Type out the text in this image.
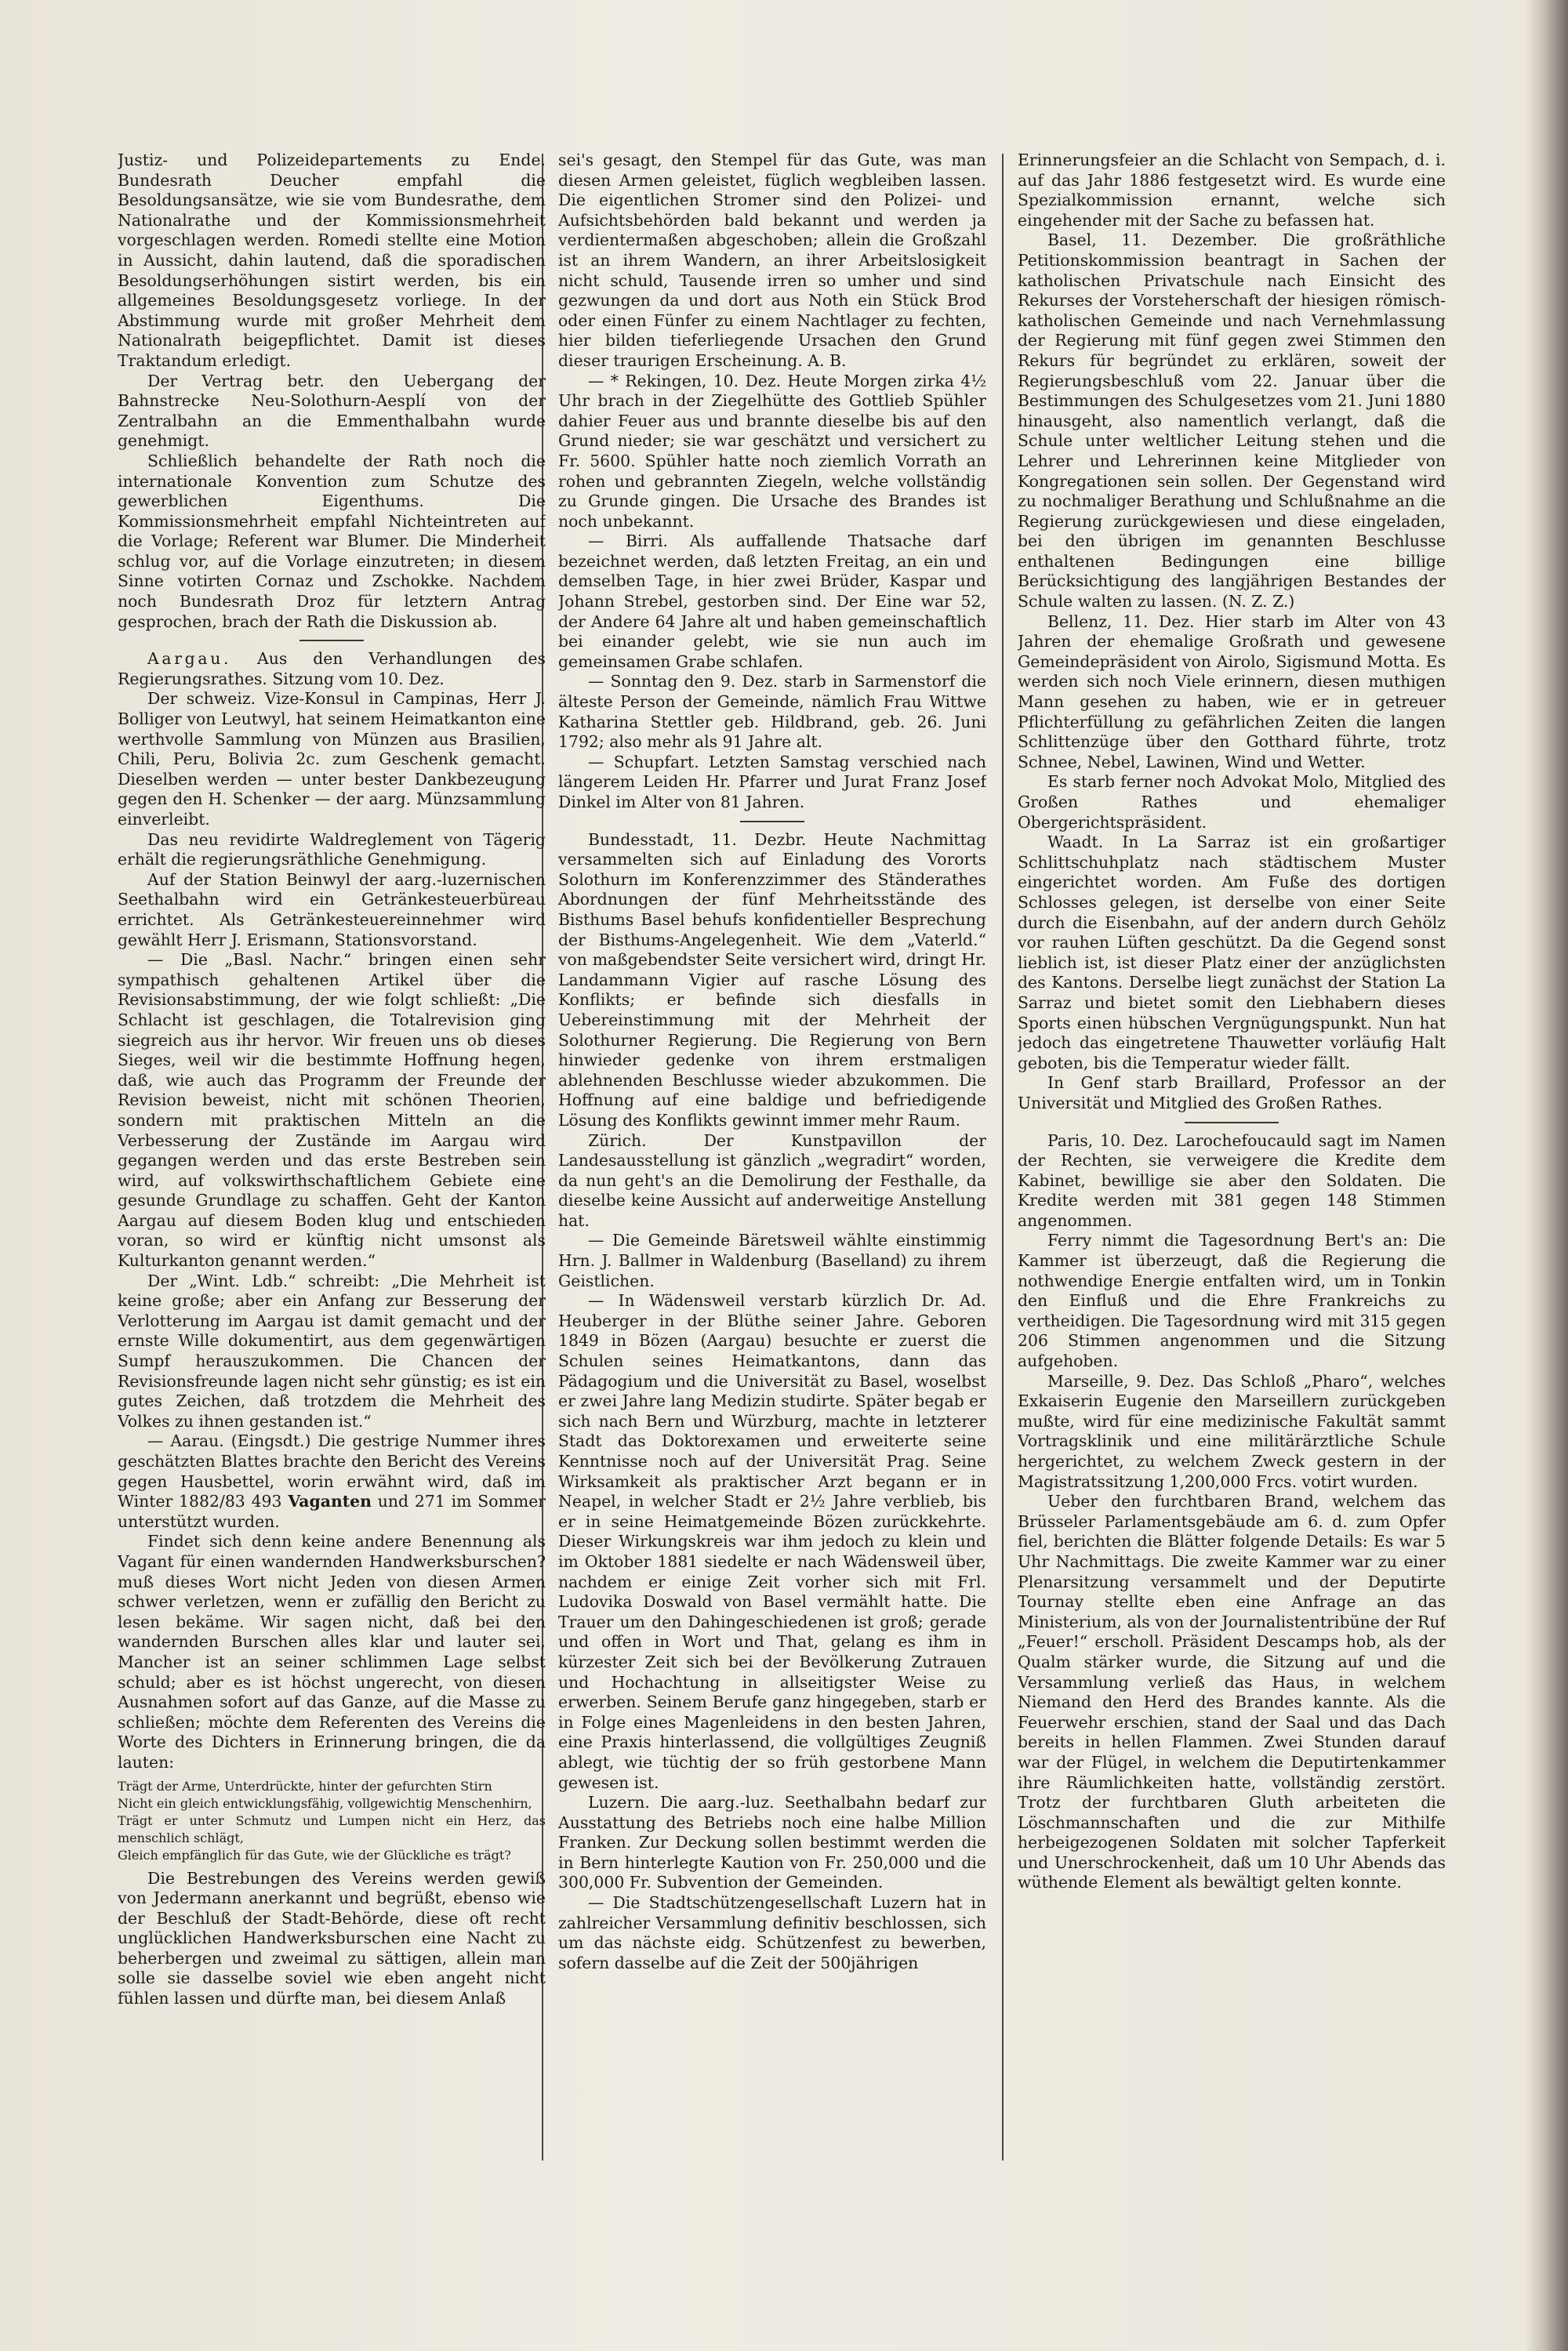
Justiz- und Polizeidepartements zu Ende. Bundesrath Deucher empfahl die Besoldungsansätze, wie sie vom Bundesrathe, dem Nationalrathe und der Kommissionsmehrheit vorgeschlagen werden. Romedi stellte eine Motion in Aussicht, dahin lautend, daß die sporadischen Besoldungserhöhungen sistirt werden, bis ein allgemeines Besoldungsgesetz vorliege. In der Abstimmung wurde mit großer Mehrheit dem Nationalrath beigepflichtet. Damit ist dieses Traktandum erledigt.

Der Vertrag betr. den Uebergang der Bahnstrecke Neu-Solothurn-Aesplí von der Zentralbahn an die Emmenthalbahn wurde genehmigt.

Schließlich behandelte der Rath noch die internationale Konvention zum Schutze des gewerblichen Eigenthums. Die Kommissionsmehrheit empfahl Nichteintreten auf die Vorlage; Referent war Blumer. Die Minderheit schlug vor, auf die Vorlage einzutreten; in diesem Sinne votirten Cornaz und Zschokke. Nachdem noch Bundesrath Droz für letztern Antrag gesprochen, brach der Rath die Diskussion ab.

Aargau. Aus den Verhandlungen des Regierungsrathes. Sitzung vom 10. Dez.

Der schweiz. Vize-Konsul in Campinas, Herr J. Bolliger von Leutwyl, hat seinem Heimatkanton eine werthvolle Sammlung von Münzen aus Brasilien, Chili, Peru, Bolivia 2c. zum Geschenk gemacht. Dieselben werden — unter bester Dankbezeugung gegen den H. Schenker — der aarg. Münzsammlung einverleibt.

Das neu revidirte Waldreglement von Tägerig erhält die regierungsräthliche Genehmigung.

Auf der Station Beinwyl der aarg.-luzernischen Seethalbahn wird ein Getränkesteuerbüreau errichtet. Als Getränkesteuereinnehmer wird gewählt Herr J. Erismann, Stationsvorstand.

— Die „Basl. Nachr.“ bringen einen sehr sympathisch gehaltenen Artikel über die Revisionsabstimmung, der wie folgt schließt: „Die Schlacht ist geschlagen, die Totalrevision ging siegreich aus ihr hervor. Wir freuen uns ob dieses Sieges, weil wir die bestimmte Hoffnung hegen, daß, wie auch das Programm der Freunde der Revision beweist, nicht mit schönen Theorien, sondern mit praktischen Mitteln an die Verbesserung der Zustände im Aargau wird gegangen werden und das erste Bestreben sein wird, auf volkswirthschaftlichem Gebiete eine gesunde Grundlage zu schaffen. Geht der Kanton Aargau auf diesem Boden klug und entschieden voran, so wird er künftig nicht umsonst als Kulturkanton genannt werden.“

Der „Wint. Ldb.“ schreibt: „Die Mehrheit ist keine große; aber ein Anfang zur Besserung der Verlotterung im Aargau ist damit gemacht und der ernste Wille dokumentirt, aus dem gegenwärtigen Sumpf herauszukommen. Die Chancen der Revisionsfreunde lagen nicht sehr günstig; es ist ein gutes Zeichen, daß trotzdem die Mehrheit des Volkes zu ihnen gestanden ist.“

— Aarau. (Eingsdt.) Die gestrige Nummer ihres geschätzten Blattes brachte den Bericht des Vereins gegen Hausbettel, worin erwähnt wird, daß im Winter 1882/83 493 Vaganten und 271 im Sommer unterstützt wurden.

Findet sich denn keine andere Benennung als Vagant für einen wandernden Handwerksburschen? muß dieses Wort nicht Jeden von diesen Armen schwer verletzen, wenn er zufällig den Bericht zu lesen bekäme. Wir sagen nicht, daß bei den wandernden Burschen alles klar und lauter sei, Mancher ist an seiner schlimmen Lage selbst schuld; aber es ist höchst ungerecht, von diesen Ausnahmen sofort auf das Ganze, auf die Masse zu schließen; möchte dem Referenten des Vereins die Worte des Dichters in Erinnerung bringen, die da lauten:

Trägt der Arme, Unterdrückte, hinter der gefurchten Stirn
Nicht ein gleich entwicklungsfähig, vollgewichtig Menschenhirn,
Trägt er unter Schmutz und Lumpen nicht ein Herz, das menschlich schlägt,
Gleich empfänglich für das Gute, wie der Glückliche es trägt?

Die Bestrebungen des Vereins werden gewiß von Jedermann anerkannt und begrüßt, ebenso wie der Beschluß der Stadt-Behörde, diese oft recht unglücklichen Handwerksburschen eine Nacht zu beherbergen und zweimal zu sättigen, allein man solle sie dasselbe soviel wie eben angeht nicht fühlen lassen und dürfte man, bei diesem Anlaß

sei's gesagt, den Stempel für das Gute, was man diesen Armen geleistet, füglich wegbleiben lassen. Die eigentlichen Stromer sind den Polizei- und Aufsichtsbehörden bald bekannt und werden ja verdientermaßen abgeschoben; allein die Großzahl ist an ihrem Wandern, an ihrer Arbeitslosigkeit nicht schuld, Tausende irren so umher und sind gezwungen da und dort aus Noth ein Stück Brod oder einen Fünfer zu einem Nachtlager zu fechten, hier bilden tieferliegende Ursachen den Grund dieser traurigen Erscheinung. A. B.

— * Rekingen, 10. Dez. Heute Morgen zirka 4½ Uhr brach in der Ziegelhütte des Gottlieb Spühler dahier Feuer aus und brannte dieselbe bis auf den Grund nieder; sie war geschätzt und versichert zu Fr. 5600. Spühler hatte noch ziemlich Vorrath an rohen und gebrannten Ziegeln, welche vollständig zu Grunde gingen. Die Ursache des Brandes ist noch unbekannt.

— Birri. Als auffallende Thatsache darf bezeichnet werden, daß letzten Freitag, an ein und demselben Tage, in hier zwei Brüder, Kaspar und Johann Strebel, gestorben sind. Der Eine war 52, der Andere 64 Jahre alt und haben gemeinschaftlich bei einander gelebt, wie sie nun auch im gemeinsamen Grabe schlafen.

— Sonntag den 9. Dez. starb in Sarmenstorf die älteste Person der Gemeinde, nämlich Frau Wittwe Katharina Stettler geb. Hildbrand, geb. 26. Juni 1792; also mehr als 91 Jahre alt.

— Schupfart. Letzten Samstag verschied nach längerem Leiden Hr. Pfarrer und Jurat Franz Josef Dinkel im Alter von 81 Jahren.

Bundesstadt, 11. Dezbr. Heute Nachmittag versammelten sich auf Einladung des Vororts Solothurn im Konferenzzimmer des Ständerathes Abordnungen der fünf Mehrheitsstände des Bisthums Basel behufs konfidentieller Besprechung der Bisthums-Angelegenheit. Wie dem „Vaterld.“ von maßgebendster Seite versichert wird, dringt Hr. Landammann Vigier auf rasche Lösung des Konflikts; er befinde sich diesfalls in Uebereinstimmung mit der Mehrheit der Solothurner Regierung. Die Regierung von Bern hinwieder gedenke von ihrem erstmaligen ablehnenden Beschlusse wieder abzukommen. Die Hoffnung auf eine baldige und befriedigende Lösung des Konflikts gewinnt immer mehr Raum.

Zürich. Der Kunstpavillon der Landesausstellung ist gänzlich „wegradirt“ worden, da nun geht's an die Demolirung der Festhalle, da dieselbe keine Aussicht auf anderweitige Anstellung hat.

— Die Gemeinde Bäretsweil wählte einstimmig Hrn. J. Ballmer in Waldenburg (Baselland) zu ihrem Geistlichen.

— In Wädensweil verstarb kürzlich Dr. Ad. Heuberger in der Blüthe seiner Jahre. Geboren 1849 in Bözen (Aargau) besuchte er zuerst die Schulen seines Heimatkantons, dann das Pädagogium und die Universität zu Basel, woselbst er zwei Jahre lang Medizin studirte. Später begab er sich nach Bern und Würzburg, machte in letzterer Stadt das Doktorexamen und erweiterte seine Kenntnisse noch auf der Universität Prag. Seine Wirksamkeit als praktischer Arzt begann er in Neapel, in welcher Stadt er 2½ Jahre verblieb, bis er in seine Heimatgemeinde Bözen zurückkehrte. Dieser Wirkungskreis war ihm jedoch zu klein und im Oktober 1881 siedelte er nach Wädensweil über, nachdem er einige Zeit vorher sich mit Frl. Ludovika Doswald von Basel vermählt hatte. Die Trauer um den Dahingeschiedenen ist groß; gerade und offen in Wort und That, gelang es ihm in kürzester Zeit sich bei der Bevölkerung Zutrauen und Hochachtung in allseitigster Weise zu erwerben. Seinem Berufe ganz hingegeben, starb er in Folge eines Magenleidens in den besten Jahren, eine Praxis hinterlassend, die vollgültiges Zeugniß ablegt, wie tüchtig der so früh gestorbene Mann gewesen ist.

Luzern. Die aarg.-luz. Seethalbahn bedarf zur Ausstattung des Betriebs noch eine halbe Million Franken. Zur Deckung sollen bestimmt werden die in Bern hinterlegte Kaution von Fr. 250,000 und die 300,000 Fr. Subvention der Gemeinden.

— Die Stadtschützengesellschaft Luzern hat in zahlreicher Versammlung definitiv beschlossen, sich um das nächste eidg. Schützenfest zu bewerben, sofern dasselbe auf die Zeit der 500jährigen

Erinnerungsfeier an die Schlacht von Sempach, d. i. auf das Jahr 1886 festgesetzt wird. Es wurde eine Spezialkommission ernannt, welche sich eingehender mit der Sache zu befassen hat.

Basel, 11. Dezember. Die großräthliche Petitionskommission beantragt in Sachen der katholischen Privatschule nach Einsicht des Rekurses der Vorsteherschaft der hiesigen römisch-katholischen Gemeinde und nach Vernehmlassung der Regierung mit fünf gegen zwei Stimmen den Rekurs für begründet zu erklären, soweit der Regierungsbeschluß vom 22. Januar über die Bestimmungen des Schulgesetzes vom 21. Juni 1880 hinausgeht, also namentlich verlangt, daß die Schule unter weltlicher Leitung stehen und die Lehrer und Lehrerinnen keine Mitglieder von Kongregationen sein sollen. Der Gegenstand wird zu nochmaliger Berathung und Schlußnahme an die Regierung zurückgewiesen und diese eingeladen, bei den übrigen im genannten Beschlusse enthaltenen Bedingungen eine billige Berücksichtigung des langjährigen Bestandes der Schule walten zu lassen. (N. Z. Z.)

Bellenz, 11. Dez. Hier starb im Alter von 43 Jahren der ehemalige Großrath und gewesene Gemeindepräsident von Airolo, Sigismund Motta. Es werden sich noch Viele erinnern, diesen muthigen Mann gesehen zu haben, wie er in getreuer Pflichterfüllung zu gefährlichen Zeiten die langen Schlittenzüge über den Gotthard führte, trotz Schnee, Nebel, Lawinen, Wind und Wetter.

Es starb ferner noch Advokat Molo, Mitglied des Großen Rathes und ehemaliger Obergerichtspräsident.

Waadt. In La Sarraz ist ein großartiger Schlittschuhplatz nach städtischem Muster eingerichtet worden. Am Fuße des dortigen Schlosses gelegen, ist derselbe von einer Seite durch die Eisenbahn, auf der andern durch Gehölz vor rauhen Lüften geschützt. Da die Gegend sonst lieblich ist, ist dieser Platz einer der anzüglichsten des Kantons. Derselbe liegt zunächst der Station La Sarraz und bietet somit den Liebhabern dieses Sports einen hübschen Vergnügungspunkt. Nun hat jedoch das eingetretene Thauwetter vorläufig Halt geboten, bis die Temperatur wieder fällt.

In Genf starb Braillard, Professor an der Universität und Mitglied des Großen Rathes.

Paris, 10. Dez. Larochefoucauld sagt im Namen der Rechten, sie verweigere die Kredite dem Kabinet, bewillige sie aber den Soldaten. Die Kredite werden mit 381 gegen 148 Stimmen angenommen.

Ferry nimmt die Tagesordnung Bert's an: Die Kammer ist überzeugt, daß die Regierung die nothwendige Energie entfalten wird, um in Tonkin den Einfluß und die Ehre Frankreichs zu vertheidigen. Die Tagesordnung wird mit 315 gegen 206 Stimmen angenommen und die Sitzung aufgehoben.

Marseille, 9. Dez. Das Schloß „Pharo“, welches Exkaiserin Eugenie den Marseillern zurückgeben mußte, wird für eine medizinische Fakultät sammt Vortragsklinik und eine militärärztliche Schule hergerichtet, zu welchem Zweck gestern in der Magistratssitzung 1,200,000 Frcs. votirt wurden.

Ueber den furchtbaren Brand, welchem das Brüsseler Parlamentsgebäude am 6. d. zum Opfer fiel, berichten die Blätter folgende Details: Es war 5 Uhr Nachmittags. Die zweite Kammer war zu einer Plenarsitzung versammelt und der Deputirte Tournay stellte eben eine Anfrage an das Ministerium, als von der Journalistentribüne der Ruf „Feuer!“ erscholl. Präsident Descamps hob, als der Qualm stärker wurde, die Sitzung auf und die Versammlung verließ das Haus, in welchem Niemand den Herd des Brandes kannte. Als die Feuerwehr erschien, stand der Saal und das Dach bereits in hellen Flammen. Zwei Stunden darauf war der Flügel, in welchem die Deputirtenkammer ihre Räumlichkeiten hatte, vollständig zerstört. Trotz der furchtbaren Gluth arbeiteten die Löschmannschaften und die zur Mithilfe herbeigezogenen Soldaten mit solcher Tapferkeit und Unerschrockenheit, daß um 10 Uhr Abends das wüthende Element als bewältigt gelten konnte.
